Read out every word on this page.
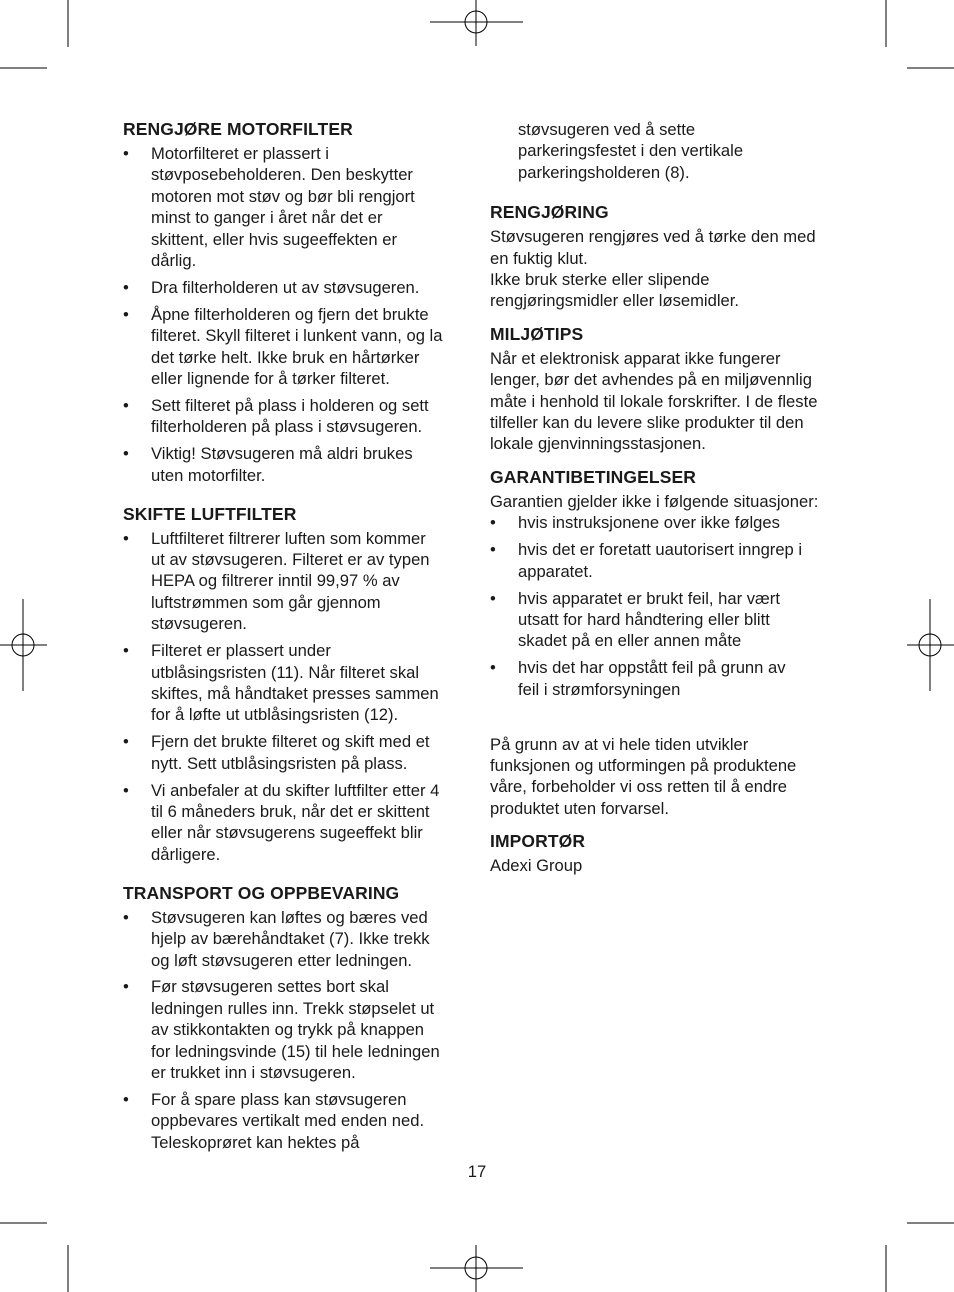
RENGJØRE MOTORFILTER
• Motorfilteret er plassert i
støvposebeholderen. Den beskytter
motoren mot støv og bør bli rengjort
minst to ganger i året når det er
skittent, eller hvis sugeeffekten er
dårlig.
• Dra filterholderen ut av støvsugeren.
• Åpne filterholderen og fjern det brukte
filteret. Skyll filteret i lunkent vann, og la
det tørke helt. Ikke bruk en hårtørker
eller lignende for å tørker filteret.
• Sett filteret på plass i holderen og sett
filterholderen på plass i støvsugeren.
• Viktig! Støvsugeren må aldri brukes
uten motorfilter.
SKIFTE LUFTFILTER
• Luftfilteret filtrerer luften som kommer
ut av støvsugeren. Filteret er av typen
HEPA og filtrerer inntil 99,97 % av
luftstrømmen som går gjennom
støvsugeren.
• Filteret er plassert under
utblåsingsristen (11). Når filteret skal
skiftes, må håndtaket presses sammen
for å løfte ut utblåsingsristen (12).
• Fjern det brukte filteret og skift med et
nytt. Sett utblåsingsristen på plass.
• Vi anbefaler at du skifter luftfilter etter 4
til 6 måneders bruk, når det er skittent
eller når støvsugerens sugeeffekt blir
dårligere.
TRANSPORT OG OPPBEVARING
• Støvsugeren kan løftes og bæres ved
hjelp av bærehåndtaket (7). Ikke trekk
og løft støvsugeren etter ledningen.
• Før støvsugeren settes bort skal
ledningen rulles inn. Trekk støpselet ut
av stikkontakten og trykk på knappen
for ledningsvinde (15) til hele ledningen
er trukket inn i støvsugeren.
• For å spare plass kan støvsugeren
oppbevares vertikalt med enden ned.
Teleskoprøret kan hektes på
støvsugeren ved å sette
parkeringsfestet i den vertikale
parkeringsholderen (8).
RENGJØRING

Støvsugeren rengjøres ved å tørke den med
en fuktig klut.
Ikke bruk sterke eller slipende
rengjøringsmidler eller løsemidler.

MILJØTIPS

Når et elektronisk apparat ikke fungerer
lenger, bør det avhendes på en miljøvennlig
måte i henhold til lokale forskrifter. I de fleste
tilfeller kan du levere slike produkter til den
lokale gjenvinningsstasjonen.

GARANTIBETINGELSER

Garantien gjelder ikke i følgende situasjoner:

• hvis instruksjonene over ikke følges
• hvis det er foretatt uautorisert inngrep i
apparatet.
• hvis apparatet er brukt feil, har vært
utsatt for hard håndtering eller blitt
skadet på en eller annen måte
• hvis det har oppstått feil på grunn av
feil i strømforsyningen

På grunn av at vi hele tiden utvikler
funksjonen og utformingen på produktene
våre, forbeholder vi oss retten til å endre
produktet uten forvarsel.

IMPORTØR

Adexi Group

17
